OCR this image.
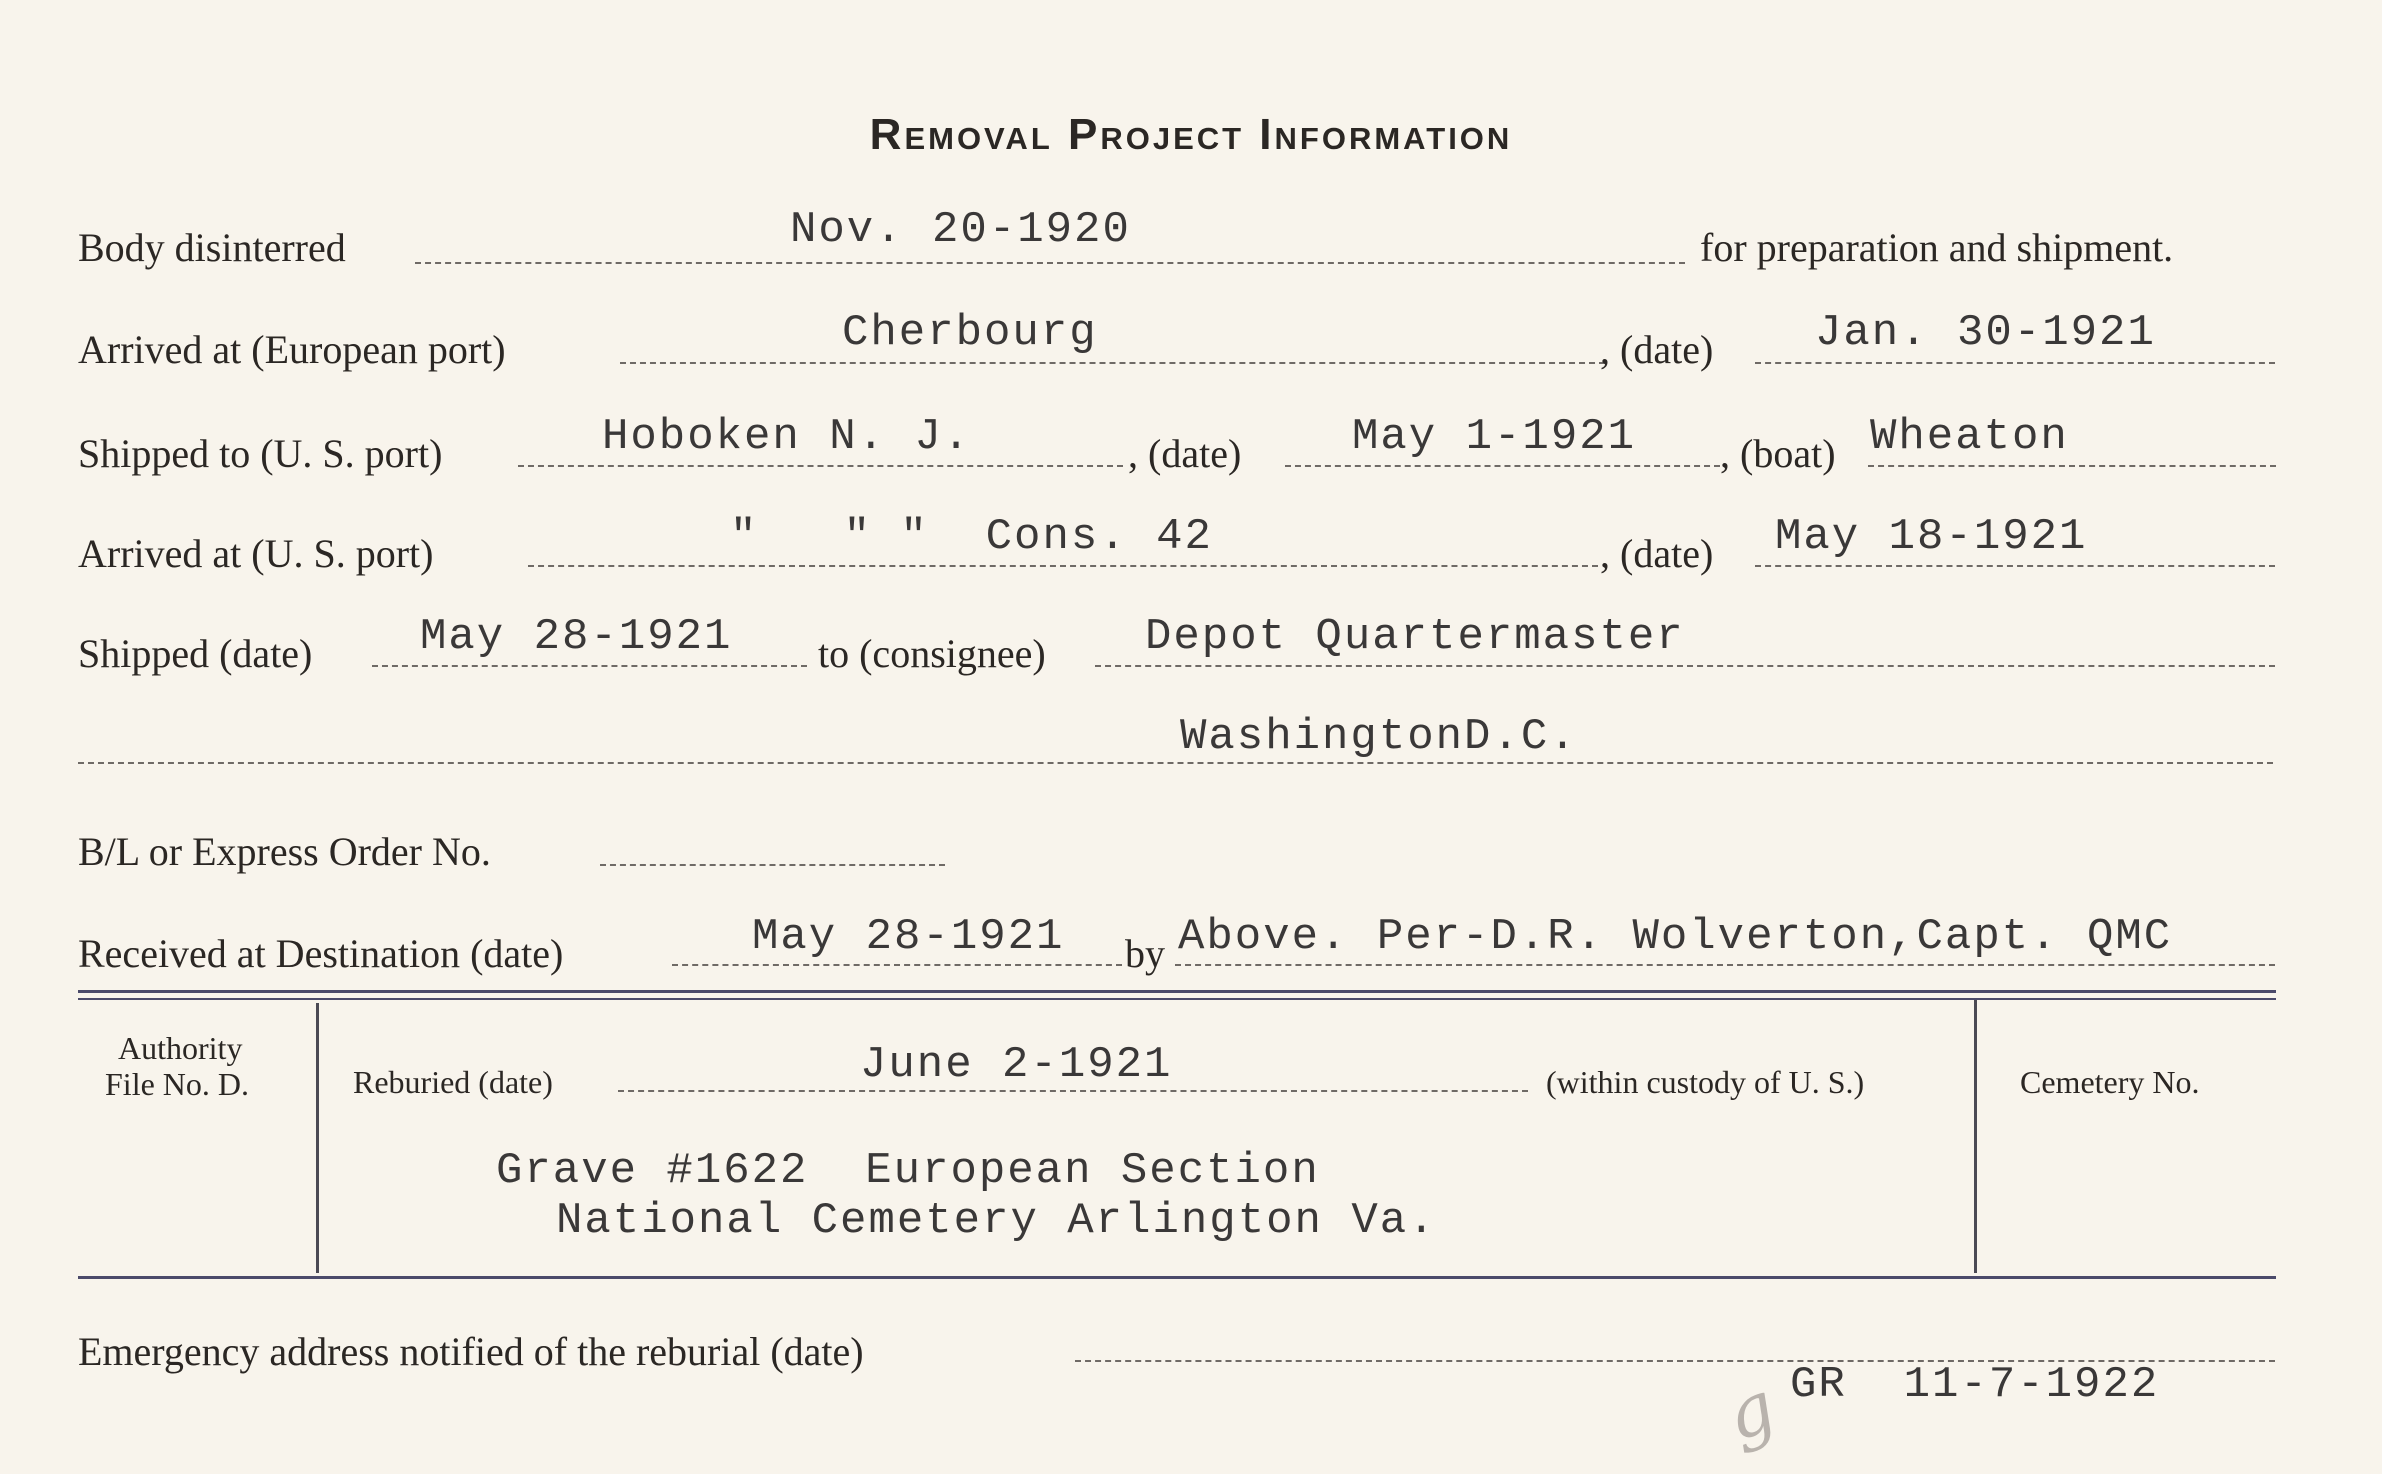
Removal Project Information
Body disinterred	Nov. 20-1920	for preparation and shipment.
Arrived at (European port)	Cherbourg	, (date) Jan. 30-1921
Shipped to (U. S. port)	Hoboken N. J.	, (date)	May 1-1921 , (boat) Wheaton
Arrived at (U. S. port)	"   " "  Cons. 42	, (date) May 18-1921
Shipped (date) May 28-1921 to (consignee) Depot Quartermaster
WashingtonD.C.
B/L or Express Order No.
Received at Destination (date)	May 28-1921 by Above. Per-D.R. Wolverton,Capt. QMC
Authority
File No. D.	Reburied (date)	June 2-1921	(within custody of U. S.)	Cemetery No.
Grave #1622  European Section
National Cemetery Arlington Va.
Emergency address notified of the reburial (date)
g GR  11-7-1922
